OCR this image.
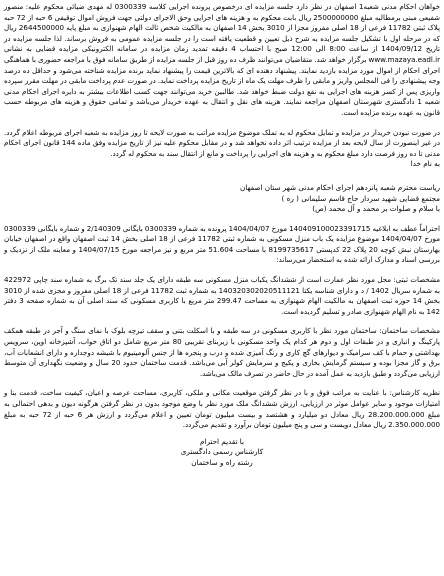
خواهان احکام مدنی شعبه1 اصفهان در نظر دارد جلسه مزایده ای درخصوص پرونده اجرایی کلاسه 0300339‌ له مهدی ضیائی محکوم علیه: منصور شفیعی مبنی برمطالبه مبلغ 2500000000 ریال بابت محکوم به و هزینه های اجرایی وحق الاجرای دولتی جهت فروش اموال توقیفی 6 حبه از 72 حبه پلاک ثبتی 11782 فرعی از 18 اصلی مفروز مجزا از 3010 بخش 14 اصفهان به مالکیت شخص ثالث الهام شهنوازی به مبلغ پایه 2644500000 ریال که در مرحله اول با تشکیل جلسه مزایده به شرح ذیل تعیین و قطعیت یافته است را در جلسه مزایده عمومی به فروش برساند. لذا جلسه مزایده در تاریخ 1404/09/12 از ساعت 8:00 الی 12:00 صبح با احتساب 4 دقیقه تمدید زمان مزایده در سامانه الکترونیکی مزایده قضایی به نشانی www.mazaya.eadl.ir برگزار خواهد شد. متقاضیان می‌توانند ظرف ده روز قبل از جلسه مزایده از طریق سامانه فوق با مراجعه حضوری با هماهنگی اجرای احکام از اموال مورد مزایده بازدید نمایند. پیشنهاد دهنده ای که بالاترین قیمت را پیشنهاد نماید برنده مزایده شناخته می‌شود و حداقل ده درصد وجه پیشنهادی را فی المجلس واریز و مابقی را ظرف مهلت یک ماه از تاریخ مزایده پرداخت نماید. در صورت عدم پرداخت مابقی در مهلت مقرر سپرده واریزی پس از کسر هزینه های اجرایی به نفع دولت ضبط خواهد شد. طالبین خرید می‌توانند جهت کسب اطلاعات بیشتر به دایره اجرای احکام مدنی شعبه 1 دادگستری شهرستان اصفهان مراجعه نمایند. هزینه های نقل و انتقال به عهده خریدار می‌باشد و تمامی حقوق و هزینه های مربوطه حسب قانون به عهده برنده مزایده است.

در صورت نبودن خریدار در مزایده و تمایل محکوم له به تملک موضوع مزایده مراتب به صورت لایحه تا روز مزایده به شعبه اجرای مربوطه اعلام گردد. در غیر اینصورت از سال لایحه بعد از مزایده ترتیب اثر داده نخواهد شد و در مقابل محکوم علیه نیز از تاریخ مزایده وفق ماده 144 قانون اجرای احکام مدنی تا ده روز فرصت دارد مبلغ محکوم به و هزینه های اجرایی را پرداخت و مانع از انتقال سند به محکوم له گردد.

به نام خدا
ریاست محترم شعبه پانزدهم اجرای احکام مدنی شهر ستان اصفهان
مجتمع قضایی شهید سردار حاج قاسم سلیمانی ( ره )
با سلام و صلوات بر محمد و آل محمد (ص)

احتراماً عطف به ابلاغیه 140409100023391715 مورخ 1404/04/07 پرونده به شماره 0300339 بایگانی 2/140309 و شماره بایگانی 0300339 مورخ 1404/04/07 موضوع مزایده یک باب منزل مسکونی به شماره ثبتی 11782 فرعی از 18 اصلی بخش 14 ثبت اصفهان واقع در اصفهان خیابان بهارستان نبش کوچه 20 پلاک 22 کدپستی 8199735617 با مساحت 51.604 متر مربع و نیز مراجعه مورخ 1404/07/15 و معاینه ملک از نزدیک و بررسی اسناد و مدارک ارائه شده به استحضار می‌رساند:

مشخصات ثبتی: محل مورد نظر عمارت است از ششدانگ یکباب منزل مسکونی سه طبقه دارای یک جلد سند تک برگ به شماره سند چاپی 422972 به شماره سریال 1402 / د و دارای شناسه یکتا 140320302020511121 به شماره ثبت 11782 فرعی از 18 اصلی مفروز و مجزی شده از 3010 بخش 14 حوزه ثبت اصفهان به مالکیت الهام شهنوازی به مساحت 299.47 متر مربع با کاربری مسکونی که سند اصلی آن به شماره صفحه 3 دفتر 142 به نام الهام شهنوازی صادر و تسلیم گردیده است.

مشخصات ساختمان: ساختمان مورد نظر با کاربری مسکونی در سه طبقه و با اسکلت بتنی و سقف تیرچه بلوک با نمای سنگ و آجر در طبقه همکف پارکینگ و انباری و در طبقات اول و دوم هر کدام یک واحد مسکونی با زیربنای تقریبی 80 متر مربع شامل دو اتاق خواب، آشپزخانه اوپن، سرویس بهداشتی و حمام با کف سرامیک و دیوارهای گچ کاری و رنگ آمیزی شده و درب و پنجره ها از جنس آلومینیوم با شیشه دوجداره و دارای انشعابات آب، برق و گاز مجزا بوده و سیستم گرمایش بخاری و پکیج و سرمایش کولر آبی می‌باشد. قدمت ساختمان حدود 20 سال و وضعیت نگهداری آن متوسط ارزیابی می‌گردد و طبق بازدید به عمل آمده در حال حاضر در تصرف مالک می‌باشد.

نظریه کارشناس: با عنایت به مراتب فوق و با در نظر گرفتن موقعیت مکانی و ملکی، کاربری، مساحت عرصه و اعیان، کیفیت ساخت، قدمت بنا و امتیازات موجود و سایر عوامل موثر در ارزیابی، ارزش ششدانگ ملک مورد نظر با وضع موجود بدون در نظر گرفتن هرگونه دیون و بدهی احتمالی به مبلغ 28.200.000.000 ریال معادل دو میلیارد و هشتصد و بیست میلیون تومان تعیین و اعلام می‌گردد و ارزش هر 6 حبه از 72 حبه به مبلغ 2.350.000.000 ریال معادل دویست و سی و پنج میلیون تومان برآورد و تقدیم می‌گردد.

با تقدیم احترام
کارشناس رسمی دادگستری
رشته راه و ساختمان
